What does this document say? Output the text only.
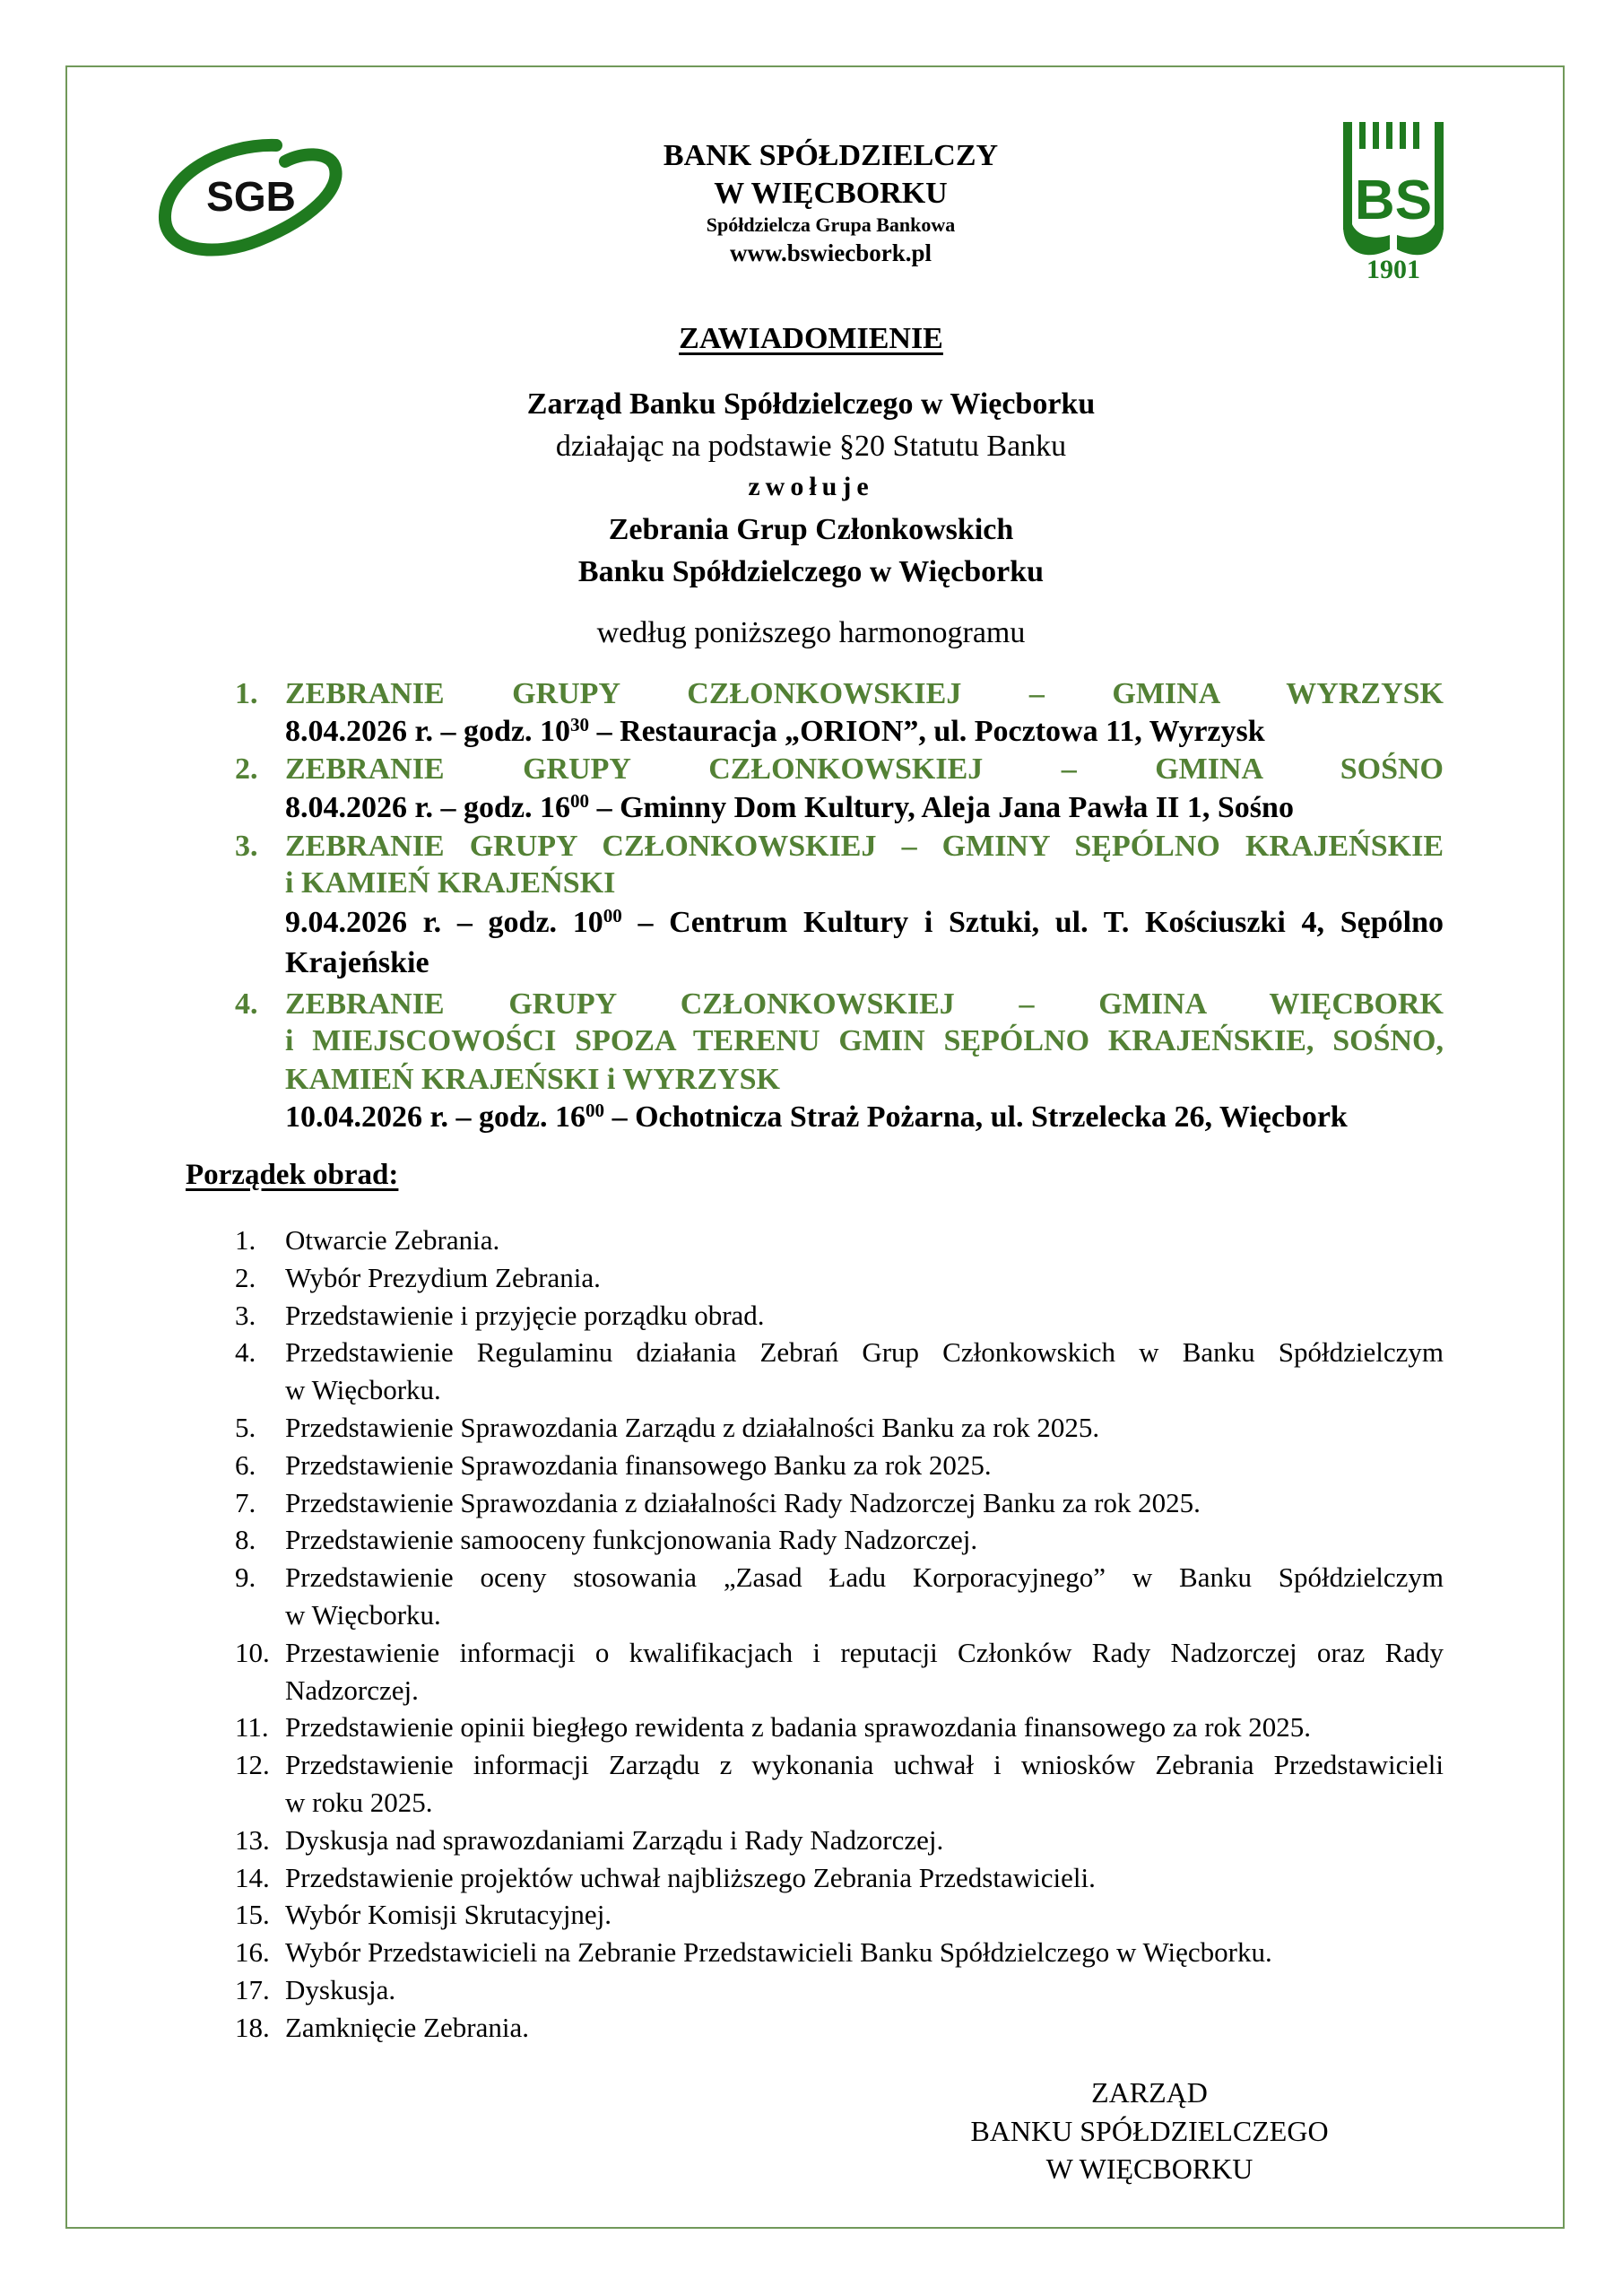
SGB	BS
1901
BANK SPÓŁDZIELCZY
W WIĘCBORKU
Spółdzielcza Grupa Bankowa
www.bswiecbork.pl
ZAWIADOMIENIE
Zarząd Banku Spółdzielczego w Więcborku
działając na podstawie §20 Statutu Banku
zwołuje
Zebrania Grup Członkowskich
Banku Spółdzielczego w Więcborku
według poniższego harmonogramu
1. ZEBRANIE GRUPY CZŁONKOWSKIEJ – GMINA WYRZYSK
8.04.2026 r. – godz. $10^{30}$ – Restauracja „ORION”, ul. Pocztowa 11, Wyrzysk
2. ZEBRANIE GRUPY CZŁONKOWSKIEJ – GMINA SOŚNO
8.04.2026 r. – godz. $16^{00}$ – Gminny Dom Kultury, Aleja Jana Pawła II 1, Sośno
3. ZEBRANIE GRUPY CZŁONKOWSKIEJ – GMINY SĘPÓLNO KRAJEŃSKIE
i KAMIEŃ KRAJEŃSKI
9.04.2026 r. – godz. $10^{00}$ – Centrum Kultury i Sztuki, ul. T. Kościuszki 4, Sępólno
Krajeńskie
4. ZEBRANIE GRUPY CZŁONKOWSKIEJ – GMINA WIĘCBORK
i MIEJSCOWOŚCI SPOZA TERENU GMIN SĘPÓLNO KRAJEŃSKIE, SOŚNO,
KAMIEŃ KRAJEŃSKI i WYRZYSK
10.04.2026 r. – godz. $16^{00}$ – Ochotnicza Straż Pożarna, ul. Strzelecka 26, Więcbork
Porządek obrad:
1. Otwarcie Zebrania.
2. Wybór Prezydium Zebrania.
3. Przedstawienie i przyjęcie porządku obrad.
4. Przedstawienie Regulaminu działania Zebrań Grup Członkowskich w Banku Spółdzielczym
w Więcborku.
5. Przedstawienie Sprawozdania Zarządu z działalności Banku za rok 2025.
6. Przedstawienie Sprawozdania finansowego Banku za rok 2025.
7. Przedstawienie Sprawozdania z działalności Rady Nadzorczej Banku za rok 2025.
8. Przedstawienie samooceny funkcjonowania Rady Nadzorczej.
9. Przedstawienie oceny stosowania „Zasad Ładu Korporacyjnego” w Banku Spółdzielczym
w Więcborku.
10. Przestawienie informacji o kwalifikacjach i reputacji Członków Rady Nadzorczej oraz Rady
Nadzorczej.
11. Przedstawienie opinii biegłego rewidenta z badania sprawozdania finansowego za rok 2025.
12. Przedstawienie informacji Zarządu z wykonania uchwał i wniosków Zebrania Przedstawicieli
w roku 2025.
13. Dyskusja nad sprawozdaniami Zarządu i Rady Nadzorczej.
14. Przedstawienie projektów uchwał najbliższego Zebrania Przedstawicieli.
15. Wybór Komisji Skrutacyjnej.
16. Wybór Przedstawicieli na Zebranie Przedstawicieli Banku Spółdzielczego w Więcborku.
17. Dyskusja.
18. Zamknięcie Zebrania.
ZARZĄD
BANKU SPÓŁDZIELCZEGO
W WIĘCBORKU
